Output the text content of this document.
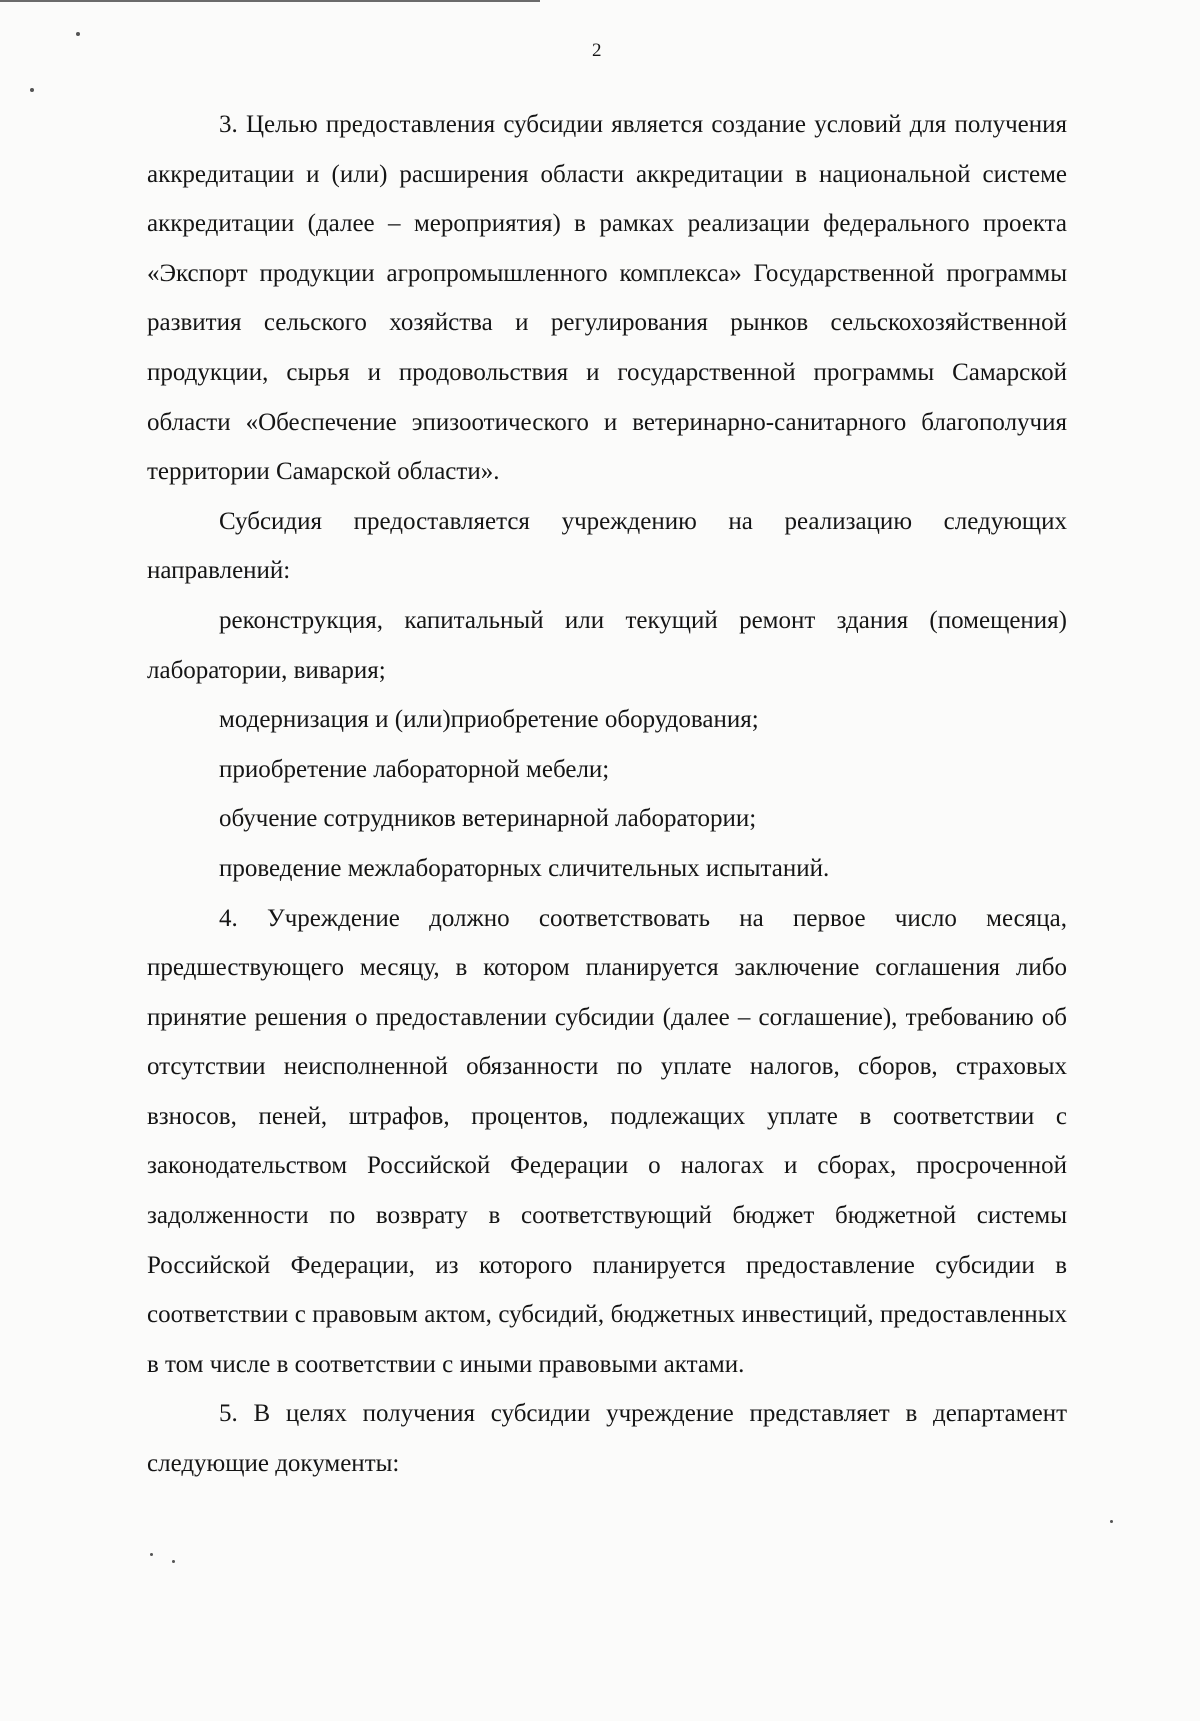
2

3. Целью предоставления субсидии является создание условий для получения аккредитации и (или) расширения области аккредитации в национальной системе аккредитации (далее – мероприятия) в рамках реализации федерального проекта «Экспорт продукции агропромышленного комплекса» Государственной программы развития сельского хозяйства и регулирования рынков сельскохозяйственной продукции, сырья и продовольствия и государственной программы Самарской области «Обеспечение эпизоотического и ветеринарно-санитарного благополучия территории Самарской области».

Субсидия предоставляется учреждению на реализацию следующих направлений:

реконструкция, капитальный или текущий ремонт здания (помещения) лаборатории, вивария;

модернизация и (или)приобретение оборудования;

приобретение лабораторной мебели;

обучение сотрудников ветеринарной лаборатории;

проведение межлабораторных сличительных испытаний.

4. Учреждение должно соответствовать на первое число месяца, предшествующего месяцу, в котором планируется заключение соглашения либо принятие решения о предоставлении субсидии (далее – соглашение), требованию об отсутствии неисполненной обязанности по уплате налогов, сборов, страховых взносов, пеней, штрафов, процентов, подлежащих уплате в соответствии с законодательством Российской Федерации о налогах и сборах, просроченной задолженности по возврату в соответствующий бюджет бюджетной системы Российской Федерации, из которого планируется предоставление субсидии в соответствии с правовым актом, субсидий, бюджетных инвестиций, предоставленных в том числе в соответствии с иными правовыми актами.

5. В целях получения субсидии учреждение представляет в департамент следующие документы:
